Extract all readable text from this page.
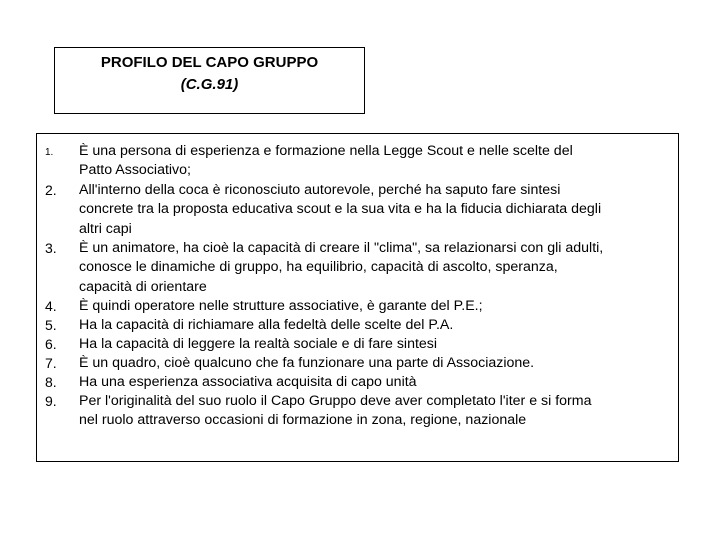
PROFILO DEL CAPO GRUPPO
(C.G.91)
1. È una persona di esperienza e formazione nella Legge Scout e nelle scelte del
Patto Associativo;
2. All'interno della coca è riconosciuto autorevole, perché ha saputo fare sintesi
concrete tra la proposta educativa scout e la sua vita e ha la fiducia dichiarata degli
altri capi
3. È un animatore, ha cioè la capacità di creare il "clima", sa relazionarsi con gli adulti,
conosce le dinamiche di gruppo, ha equilibrio, capacità di ascolto, speranza,
capacità di orientare
4. È quindi operatore nelle strutture associative, è garante del P.E.;
5. Ha la capacità di richiamare alla fedeltà delle scelte del P.A.
6. Ha la capacità di leggere la realtà sociale e di fare sintesi
7. È un quadro, cioè qualcuno che fa funzionare una parte di Associazione.
8. Ha una esperienza associativa acquisita di capo unità
9. Per l'originalità del suo ruolo il Capo Gruppo deve aver completato l'iter e si forma
nel ruolo attraverso occasioni di formazione in zona, regione, nazionale
